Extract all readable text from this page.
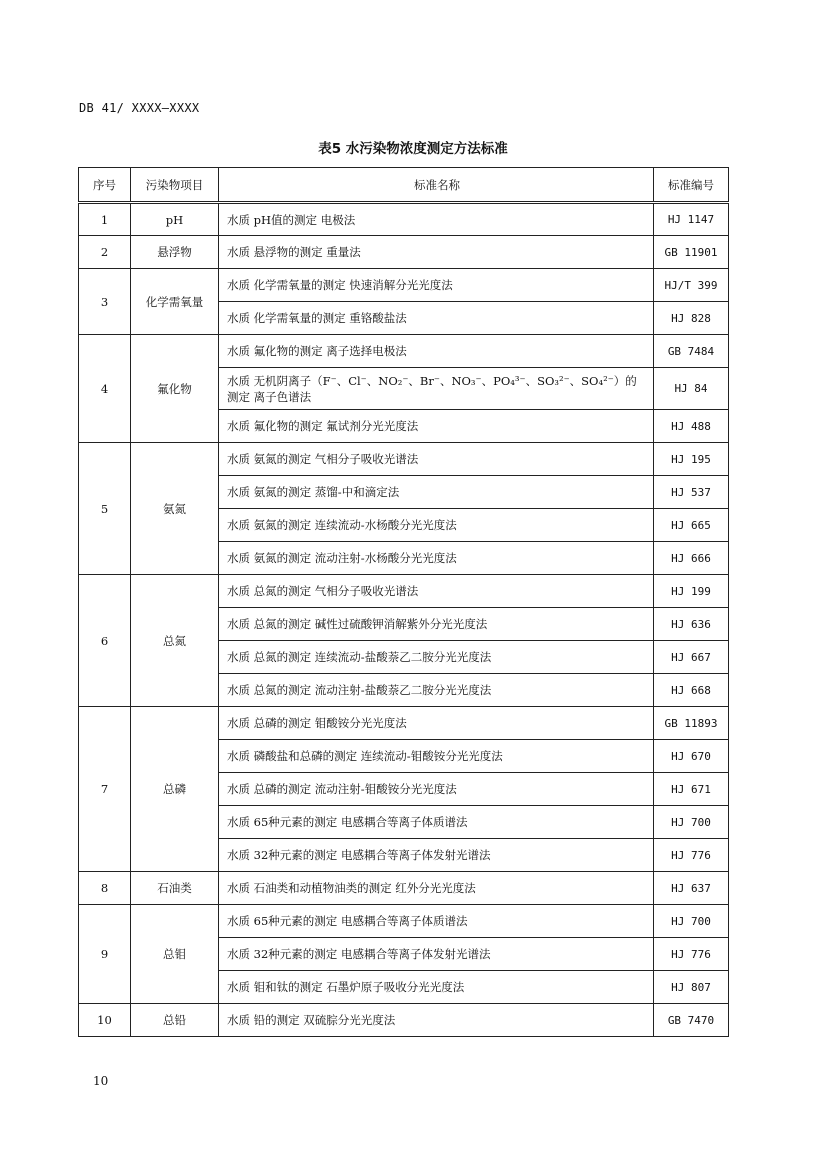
DB 41/ XXXX—XXXX
表5 水污染物浓度测定方法标准
序号	污染物项目	标准名称	标准编号
1	pH	水质 pH值的测定 电极法	HJ 1147
2	悬浮物	水质 悬浮物的测定 重量法	GB 11901
3	化学需氧量	水质 化学需氧量的测定 快速消解分光光度法	HJ/T 399
		水质 化学需氧量的测定 重铬酸盐法	HJ 828
4	氟化物	水质 氟化物的测定 离子选择电极法	GB 7484
		水质 无机阴离子（F⁻、Cl⁻、NO₂⁻、Br⁻、NO₃⁻、PO₄³⁻、SO₃²⁻、SO₄²⁻）的测定 离子色谱法	HJ 84
		水质 氟化物的测定 氟试剂分光光度法	HJ 488
5	氨氮	水质 氨氮的测定 气相分子吸收光谱法	HJ 195
		水质 氨氮的测定 蒸馏-中和滴定法	HJ 537
		水质 氨氮的测定 连续流动-水杨酸分光光度法	HJ 665
		水质 氨氮的测定 流动注射-水杨酸分光光度法	HJ 666
6	总氮	水质 总氮的测定 气相分子吸收光谱法	HJ 199
		水质 总氮的测定 碱性过硫酸钾消解紫外分光光度法	HJ 636
		水质 总氮的测定 连续流动-盐酸萘乙二胺分光光度法	HJ 667
		水质 总氮的测定 流动注射-盐酸萘乙二胺分光光度法	HJ 668
7	总磷	水质 总磷的测定 钼酸铵分光光度法	GB 11893
		水质 磷酸盐和总磷的测定 连续流动-钼酸铵分光光度法	HJ 670
		水质 总磷的测定 流动注射-钼酸铵分光光度法	HJ 671
		水质 65种元素的测定 电感耦合等离子体质谱法	HJ 700
		水质 32种元素的测定 电感耦合等离子体发射光谱法	HJ 776
8	石油类	水质 石油类和动植物油类的测定 红外分光光度法	HJ 637
9	总钼	水质 65种元素的测定 电感耦合等离子体质谱法	HJ 700
		水质 32种元素的测定 电感耦合等离子体发射光谱法	HJ 776
		水质 钼和钛的测定 石墨炉原子吸收分光光度法	HJ 807
10	总铅	水质 铅的测定 双硫腙分光光度法	GB 7470
10
